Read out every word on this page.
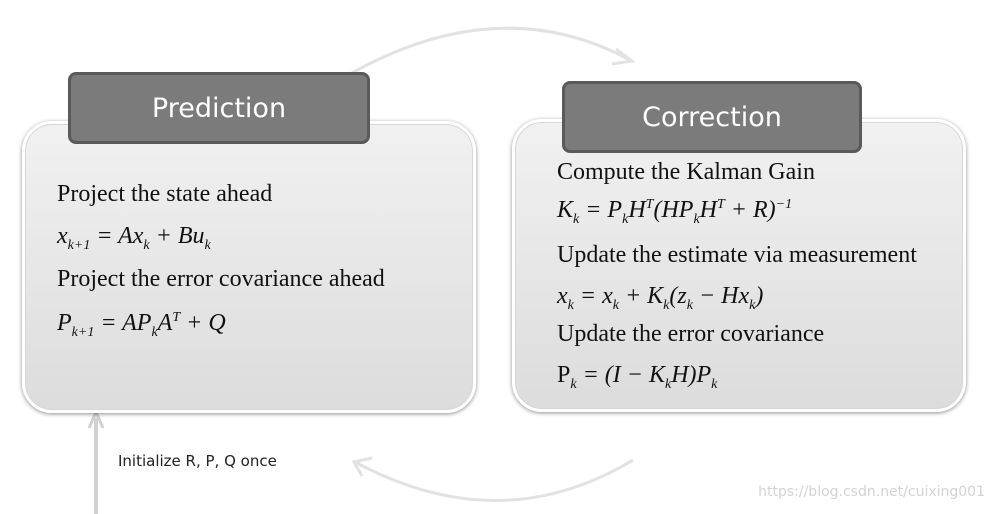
Prediction	Correction
Project the state ahead
$x_{k+1} = Ax_k + Bu_k$
Project the error covariance ahead
$P_{k+1} = AP_kA^T + Q$
Compute the Kalman Gain
$K_k = P_kH^T(HP_kH^T + R)^{-1}$
Update the estimate via measurement
$x_k = x_k + K_k(z_k - Hx_k)$
Update the error covariance
$P_k = (I - K_kH)P_k$
Initialize R, P, Q once
https://blog.csdn.net/cuixing001
